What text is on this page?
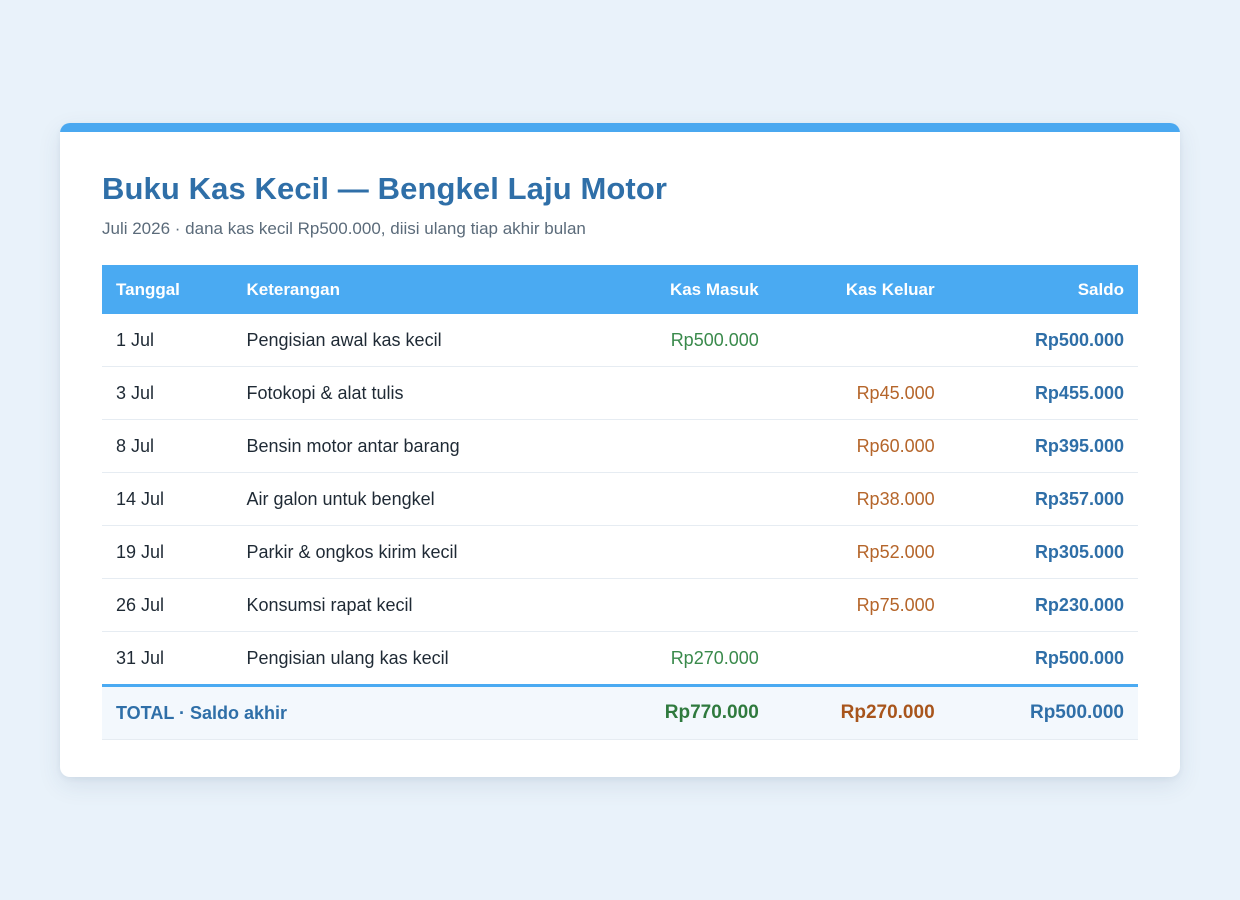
Buku Kas Kecil — Bengkel Laju Motor

Juli 2026 · dana kas kecil Rp500.000, diisi ulang tiap akhir bulan

Tanggal	Keterangan	Kas Masuk	Kas Keluar	Saldo
1 Jul	Pengisian awal kas kecil	Rp500.000		Rp500.000
3 Jul	Fotokopi & alat tulis		Rp45.000	Rp455.000
8 Jul	Bensin motor antar barang		Rp60.000	Rp395.000
14 Jul	Air galon untuk bengkel		Rp38.000	Rp357.000
19 Jul	Parkir & ongkos kirim kecil		Rp52.000	Rp305.000
26 Jul	Konsumsi rapat kecil		Rp75.000	Rp230.000
31 Jul	Pengisian ulang kas kecil	Rp270.000		Rp500.000
TOTAL · Saldo akhir		Rp770.000	Rp270.000	Rp500.000
